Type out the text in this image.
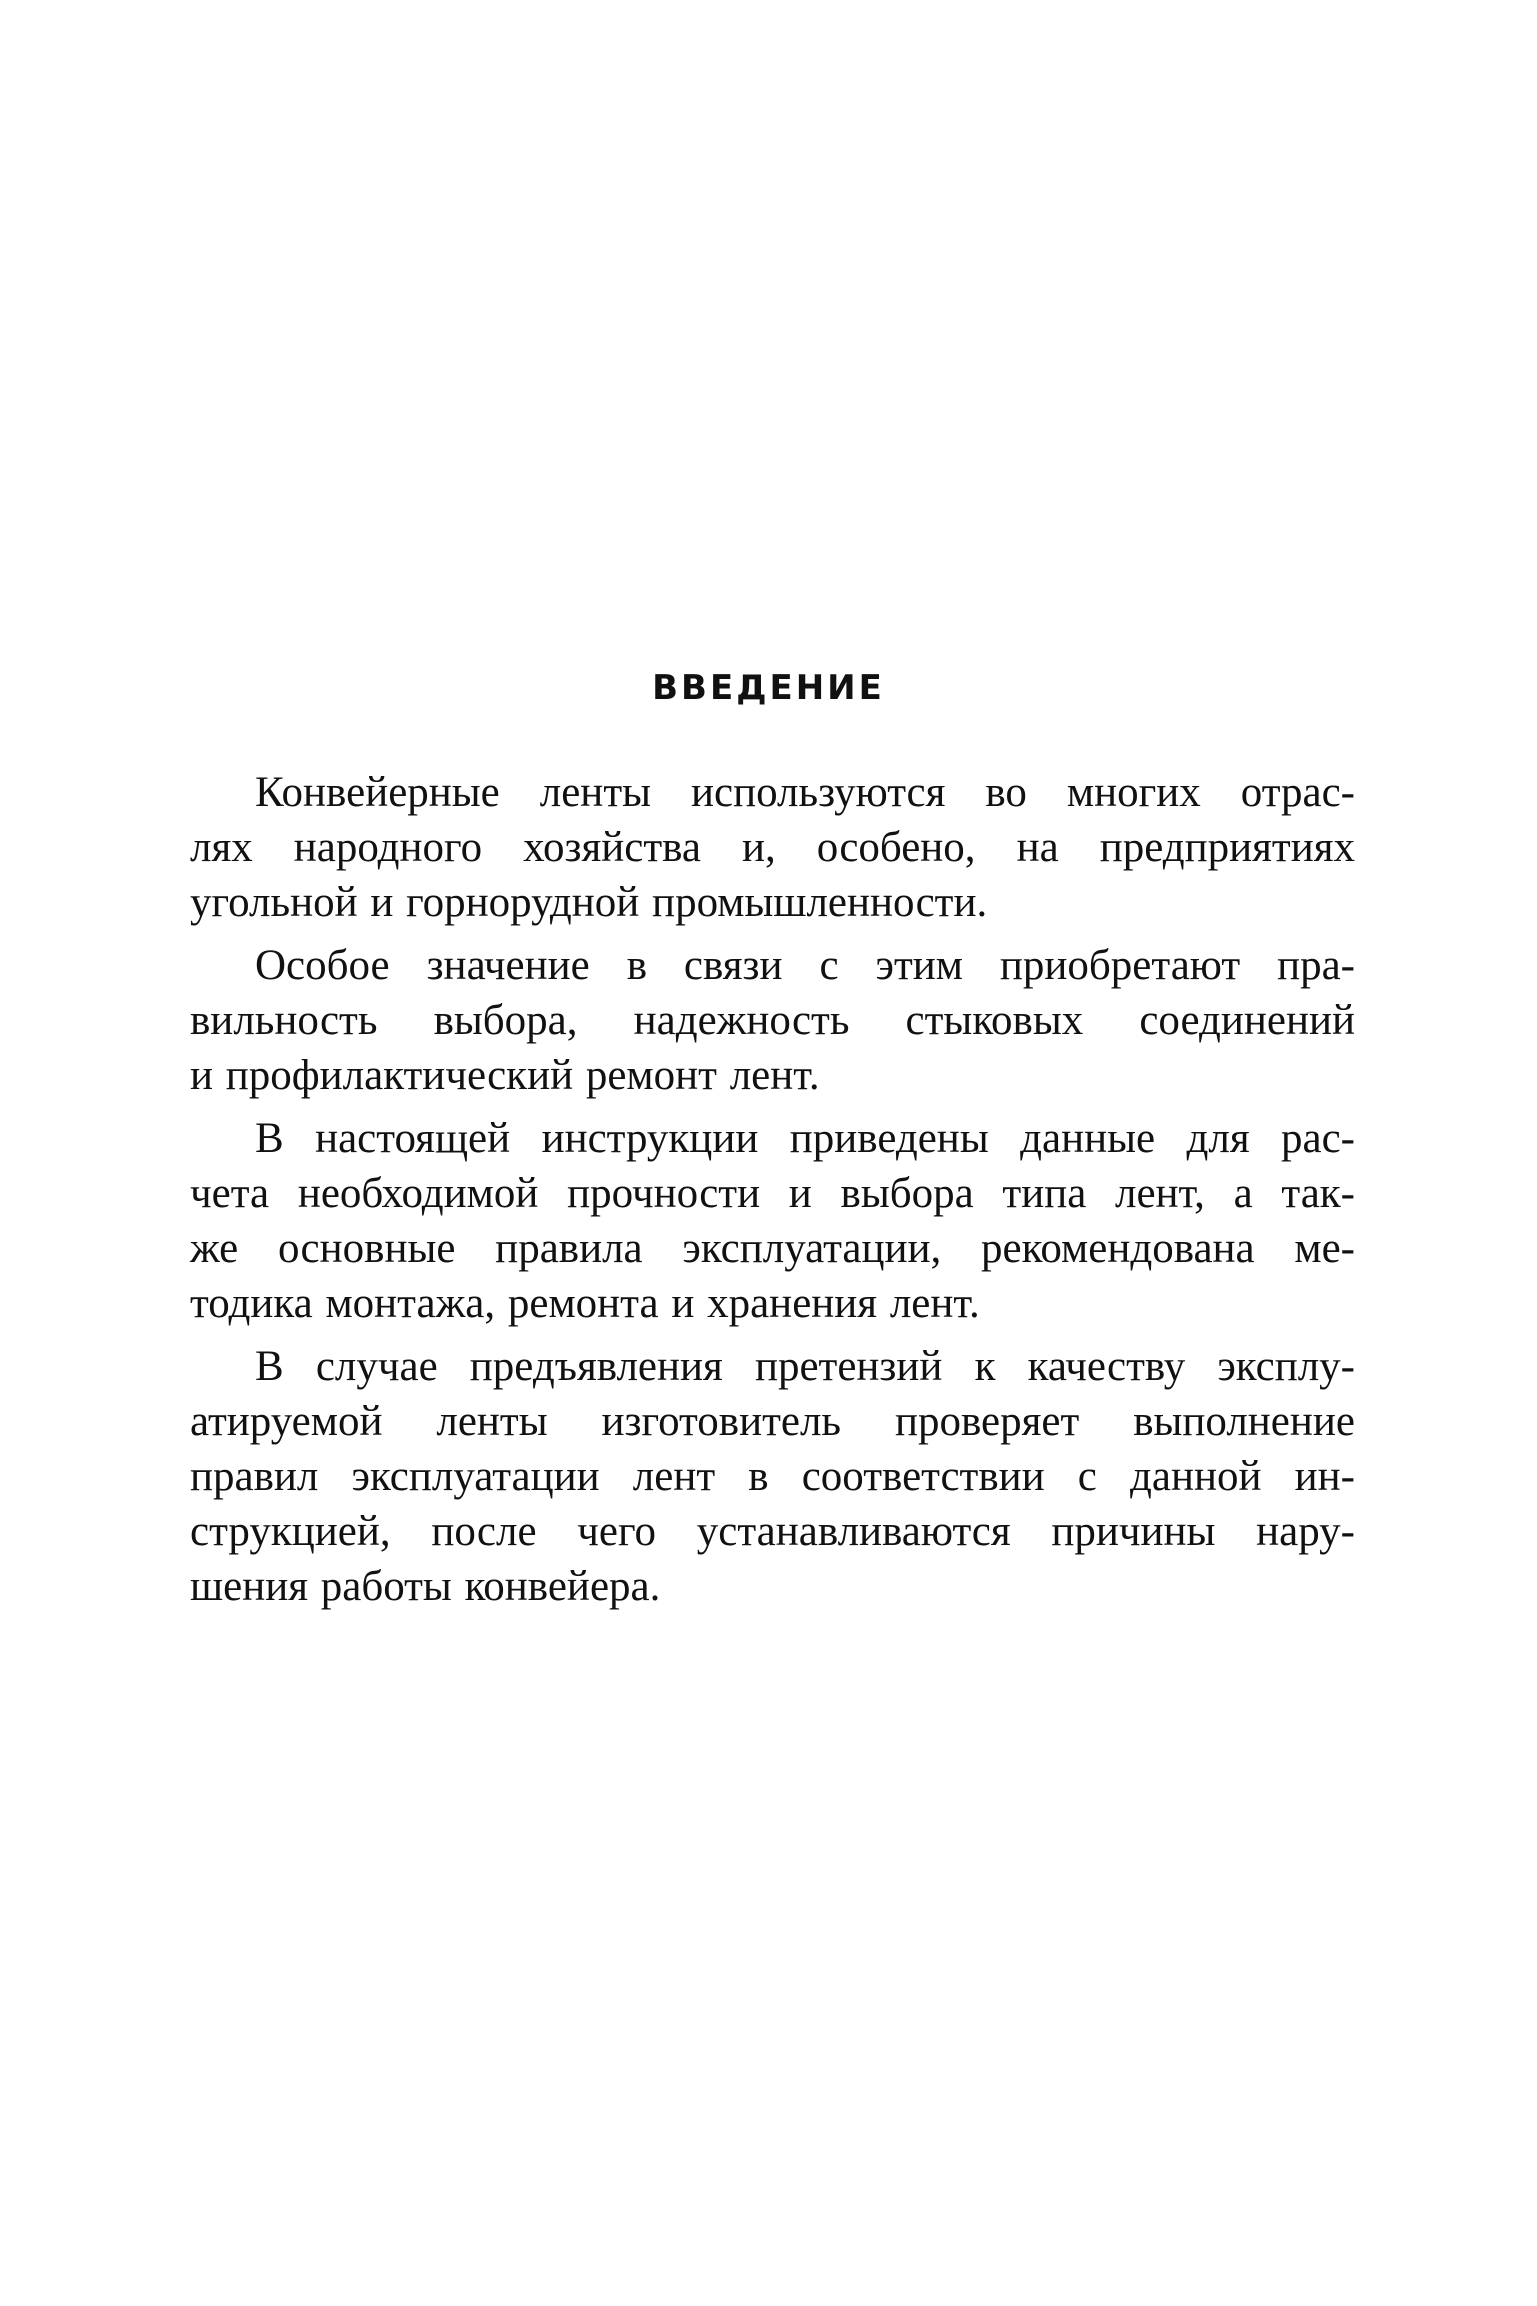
ВВЕДЕНИЕ

Конвейерные ленты используются во многих отрас-
лях народного хозяйства и, особено, на предприятиях
угольной и горнорудной промышленности.

Особое значение в связи с этим приобретают пра-
вильность выбора, надежность стыковых соединений
и профилактический ремонт лент.

В настоящей инструкции приведены данные для рас-
чета необходимой прочности и выбора типа лент, а так-
же основные правила эксплуатации, рекомендована ме-
тодика монтажа, ремонта и хранения лент.

В случае предъявления претензий к качеству эксплу-
атируемой ленты изготовитель проверяет выполнение
правил эксплуатации лент в соответствии с данной ин-
струкцией, после чего устанавливаются причины нару-
шения работы конвейера.
